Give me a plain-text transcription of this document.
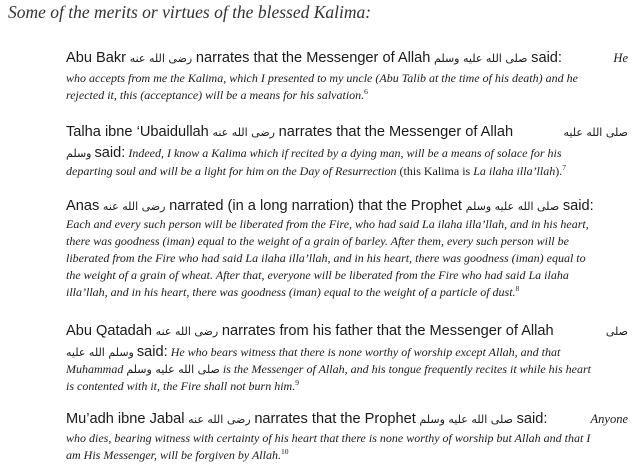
Some of the merits or virtues of the blessed Kalima:
Abu Bakr رضى الله عنه narrates that the Messenger of Allah صلى الله عليه وسلم said:	He
who accepts from me the Kalima, which I presented to my uncle (Abu Talib at the time of his death) and he
rejected it, this (acceptance) will be a means for his salvation.$^6$
Talha ibne ‘Ubaidullah رضى الله عنه narrates that the Messenger of Allah	صلى الله عليه
وسلم said: Indeed, I know a Kalima which if recited by a dying man, will be a means of solace for his
departing soul and will be a light for him on the Day of Resurrection (this Kalima is La ilaha illa’llah).$^7$
Anas رضى الله عنه narrated (in a long narration) that the Prophet صلى الله عليه وسلم said:
Each and every such person will be liberated from the Fire, who had said La ilaha illa’llah, and in his heart,
there was goodness (iman) equal to the weight of a grain of barley. After them, every such person will be
liberated from the Fire who had said La ilaha illa’llah, and in his heart, there was goodness (iman) equal to
the weight of a grain of wheat. After that, everyone will be liberated from the Fire who had said La ilaha
illa’llah, and in his heart, there was goodness (iman) equal to the weight of a particle of dust.$^8$
Abu Qatadah رضى الله عنه narrates from his father that the Messenger of Allah	صلى
وسلم الله عليه said: He who bears witness that there is none worthy of worship except Allah, and that
Muhammad صلى الله عليه وسلم is the Messenger of Allah, and his tongue frequently recites it while his heart
is contented with it, the Fire shall not burn him.$^9$
Mu’adh ibne Jabal رضى الله عنه narrates that the Prophet صلى الله عليه وسلم said:	Anyone
who dies, bearing witness with certainty of his heart that there is none worthy of worship but Allah and that I
am His Messenger, will be forgiven by Allah.$^{10}$
